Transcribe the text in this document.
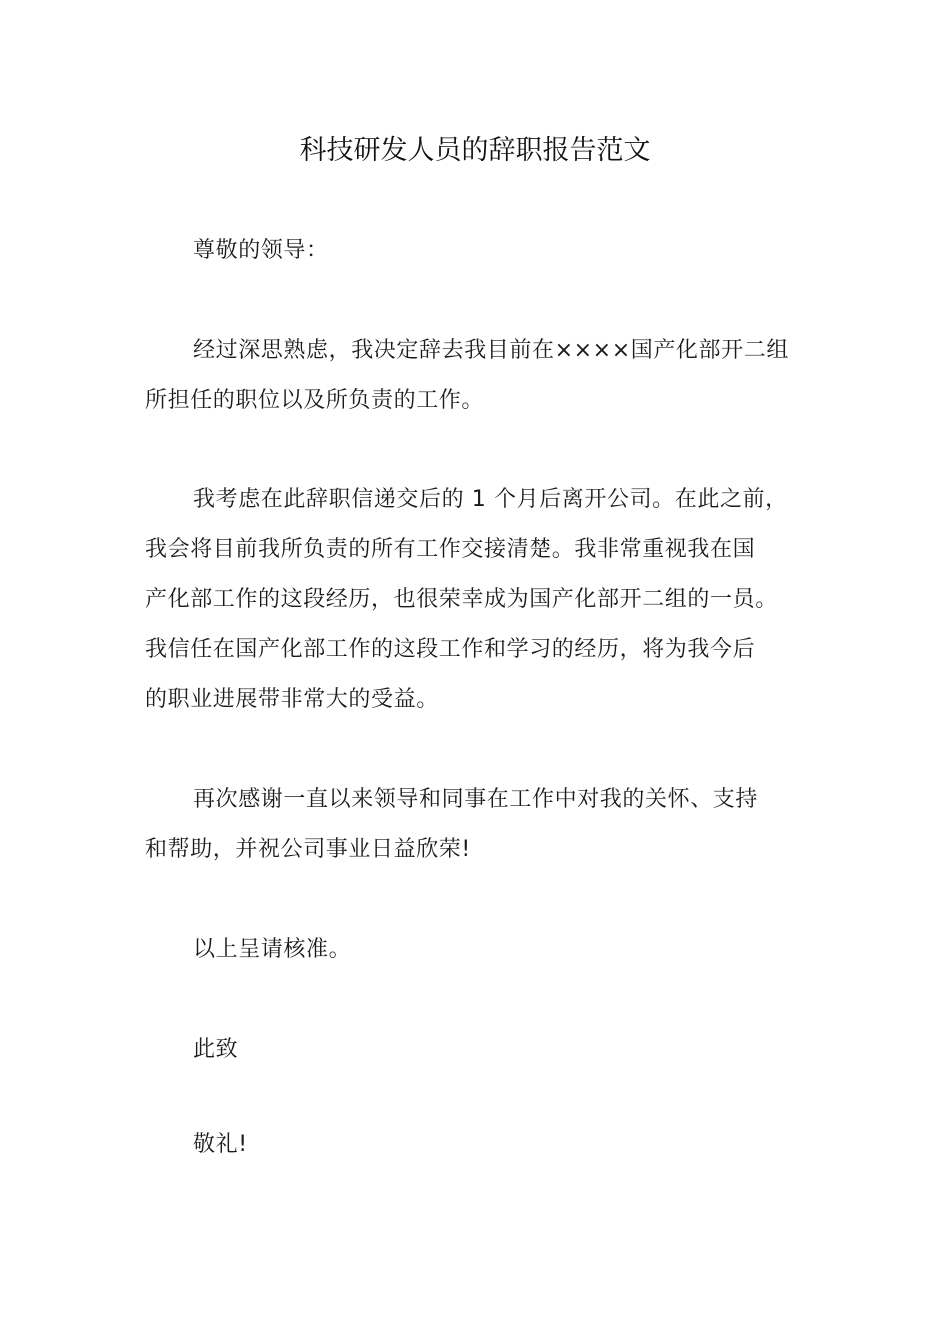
科技研发人员的辞职报告范文

尊敬的领导：

经过深思熟虑，我决定辞去我目前在××××国产化部开二组
所担任的职位以及所负责的工作。

我考虑在此辞职信递交后的 1 个月后离开公司。在此之前，
我会将目前我所负责的所有工作交接清楚。我非常重视我在国
产化部工作的这段经历，也很荣幸成为国产化部开二组的一员。
我信任在国产化部工作的这段工作和学习的经历，将为我今后
的职业进展带非常大的受益。

再次感谢一直以来领导和同事在工作中对我的关怀、支持
和帮助，并祝公司事业日益欣荣!

以上呈请核准。

此致

敬礼!
